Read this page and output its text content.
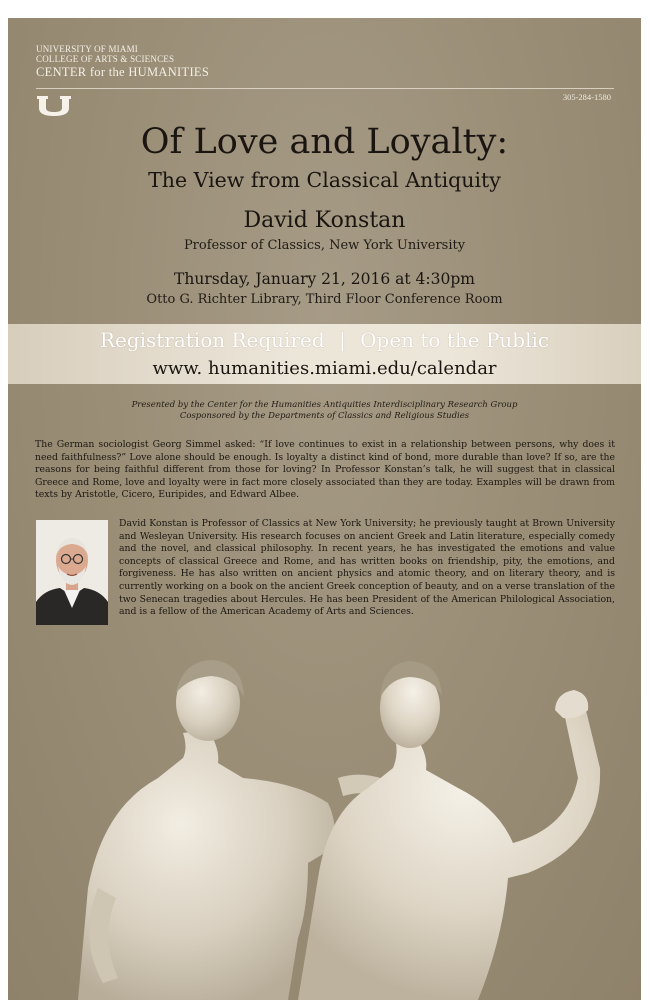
UNIVERSITY OF MIAMI
COLLEGE OF ARTS & SCIENCES
CENTER for the HUMANITIES
305-284-1580
Of Love and Loyalty:
The View from Classical Antiquity
David Konstan
Professor of Classics, New York University
Thursday, January 21, 2016 at 4:30pm
Otto G. Richter Library, Third Floor Conference Room
Registration Required | Open to the Public
www. humanities.miami.edu/calendar
Presented by the Center for the Humanities Antiquities Interdisciplinary Research Group
Cosponsored by the Departments of Classics and Religious Studies
The German sociologist Georg Simmel asked: “If love continues to exist in a relationship between persons, why does it need faithfulness?” Love alone should be enough. Is loyalty a distinct kind of bond, more durable than love? If so, are the reasons for being faithful different from those for loving? In Professor Konstan’s talk, he will suggest that in classical Greece and Rome, love and loyalty were in fact more closely associated than they are today. Examples will be drawn from texts by Aristotle, Cicero, Euripides, and Edward Albee.
David Konstan is Professor of Classics at New York University; he previously taught at Brown University and Wesleyan University. His research focuses on ancient Greek and Latin literature, especially comedy and the novel, and classical philosophy. In recent years, he has investigated the emotions and value concepts of classical Greece and Rome, and has written books on friendship, pity, the emotions, and forgiveness. He has also written on ancient physics and atomic theory, and on literary theory, and is currently working on a book on the ancient Greek conception of beauty, and on a verse translation of the two Senecan tragedies about Hercules. He has been President of the American Philological Association, and is a fellow of the American Academy of Arts and Sciences.
